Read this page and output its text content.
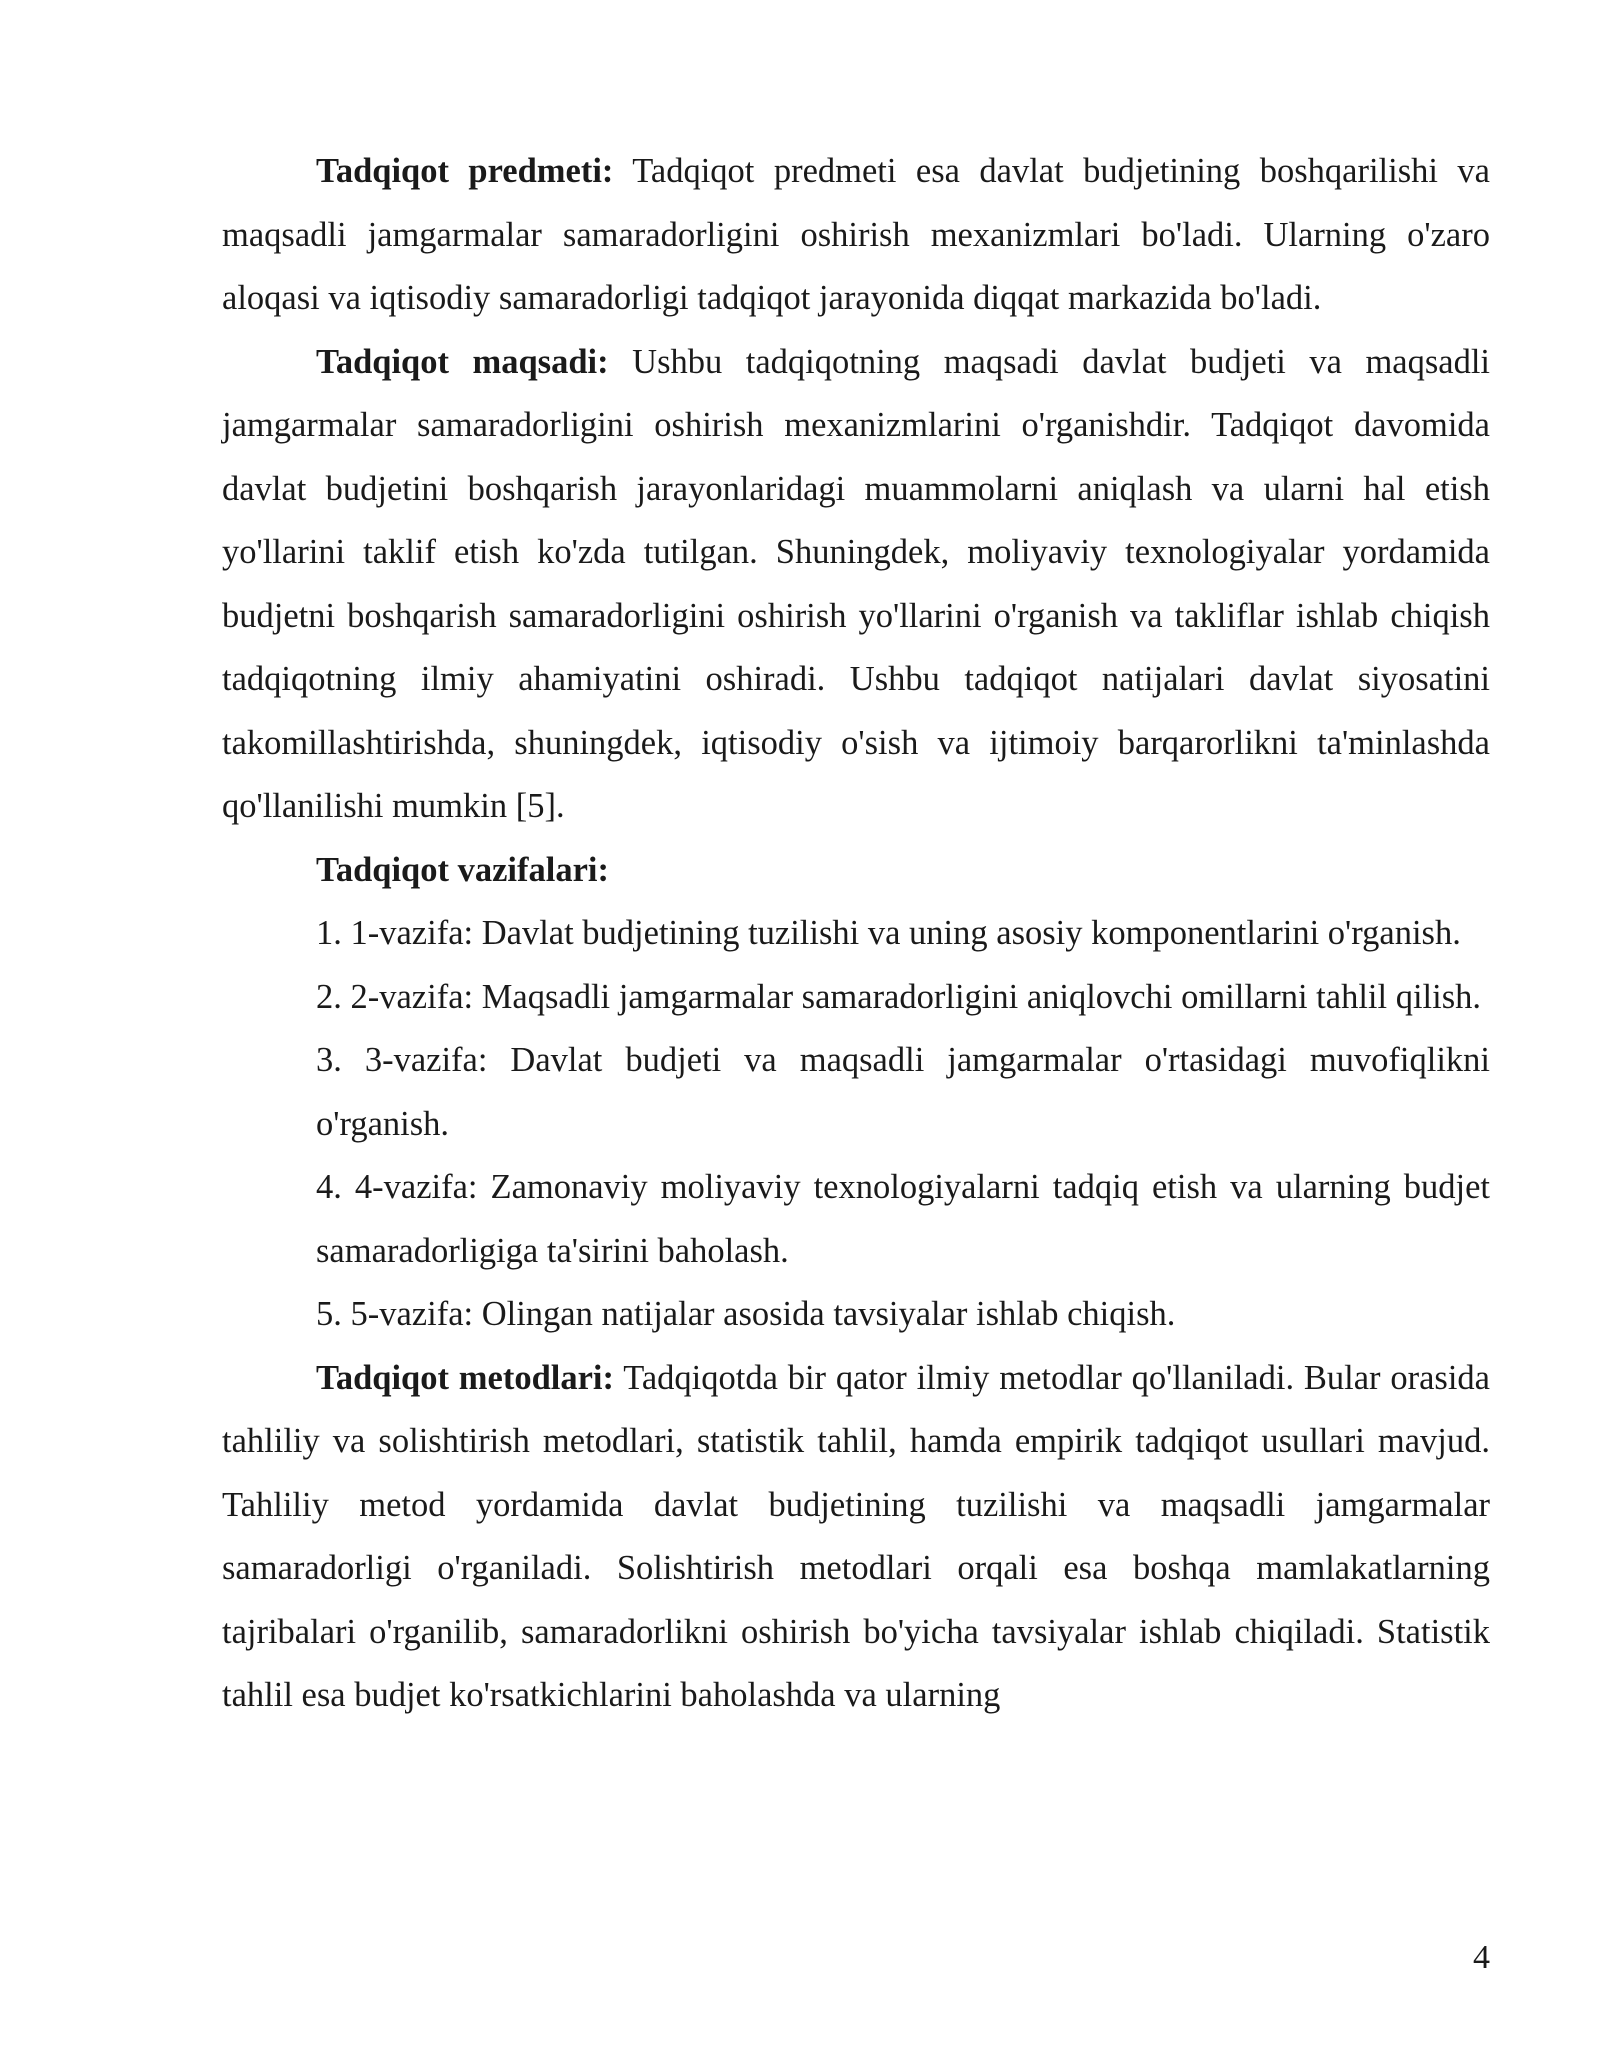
Tadqiqot predmeti: Tadqiqot predmeti esa davlat budjetining boshqarilishi va maqsadli jamgarmalar samaradorligini oshirish mexanizmlari bo'ladi. Ularning o'zaro aloqasi va iqtisodiy samaradorligi tadqiqot jarayonida diqqat markazida bo'ladi.

Tadqiqot maqsadi: Ushbu tadqiqotning maqsadi davlat budjeti va maqsadli jamgarmalar samaradorligini oshirish mexanizmlarini o'rganishdir. Tadqiqot davomida davlat budjetini boshqarish jarayonlaridagi muammolarni aniqlash va ularni hal etish yo'llarini taklif etish ko'zda tutilgan. Shuningdek, moliyaviy texnologiyalar yordamida budjetni boshqarish samaradorligini oshirish yo'llarini o'rganish va takliflar ishlab chiqish tadqiqotning ilmiy ahamiyatini oshiradi. Ushbu tadqiqot natijalari davlat siyosatini takomillashtirishda, shuningdek, iqtisodiy o'sish va ijtimoiy barqarorlikni ta'minlashda qo'llanilishi mumkin [5].

Tadqiqot vazifalari:

1. 1-vazifa: Davlat budjetining tuzilishi va uning asosiy komponentlarini o'rganish.

2. 2-vazifa: Maqsadli jamgarmalar samaradorligini aniqlovchi omillarni tahlil qilish.

3. 3-vazifa: Davlat budjeti va maqsadli jamgarmalar o'rtasidagi muvofiqlikni o'rganish.

4. 4-vazifa: Zamonaviy moliyaviy texnologiyalarni tadqiq etish va ularning budjet samaradorligiga ta'sirini baholash.

5. 5-vazifa: Olingan natijalar asosida tavsiyalar ishlab chiqish.

Tadqiqot metodlari: Tadqiqotda bir qator ilmiy metodlar qo'llaniladi. Bular orasida tahliliy va solishtirish metodlari, statistik tahlil, hamda empirik tadqiqot usullari mavjud. Tahliliy metod yordamida davlat budjetining tuzilishi va maqsadli jamgarmalar samaradorligi o'rganiladi. Solishtirish metodlari orqali esa boshqa mamlakatlarning tajribalari o'rganilib, samaradorlikni oshirish bo'yicha tavsiyalar ishlab chiqiladi. Statistik tahlil esa budjet ko'rsatkichlarini baholashda va ularning

4
